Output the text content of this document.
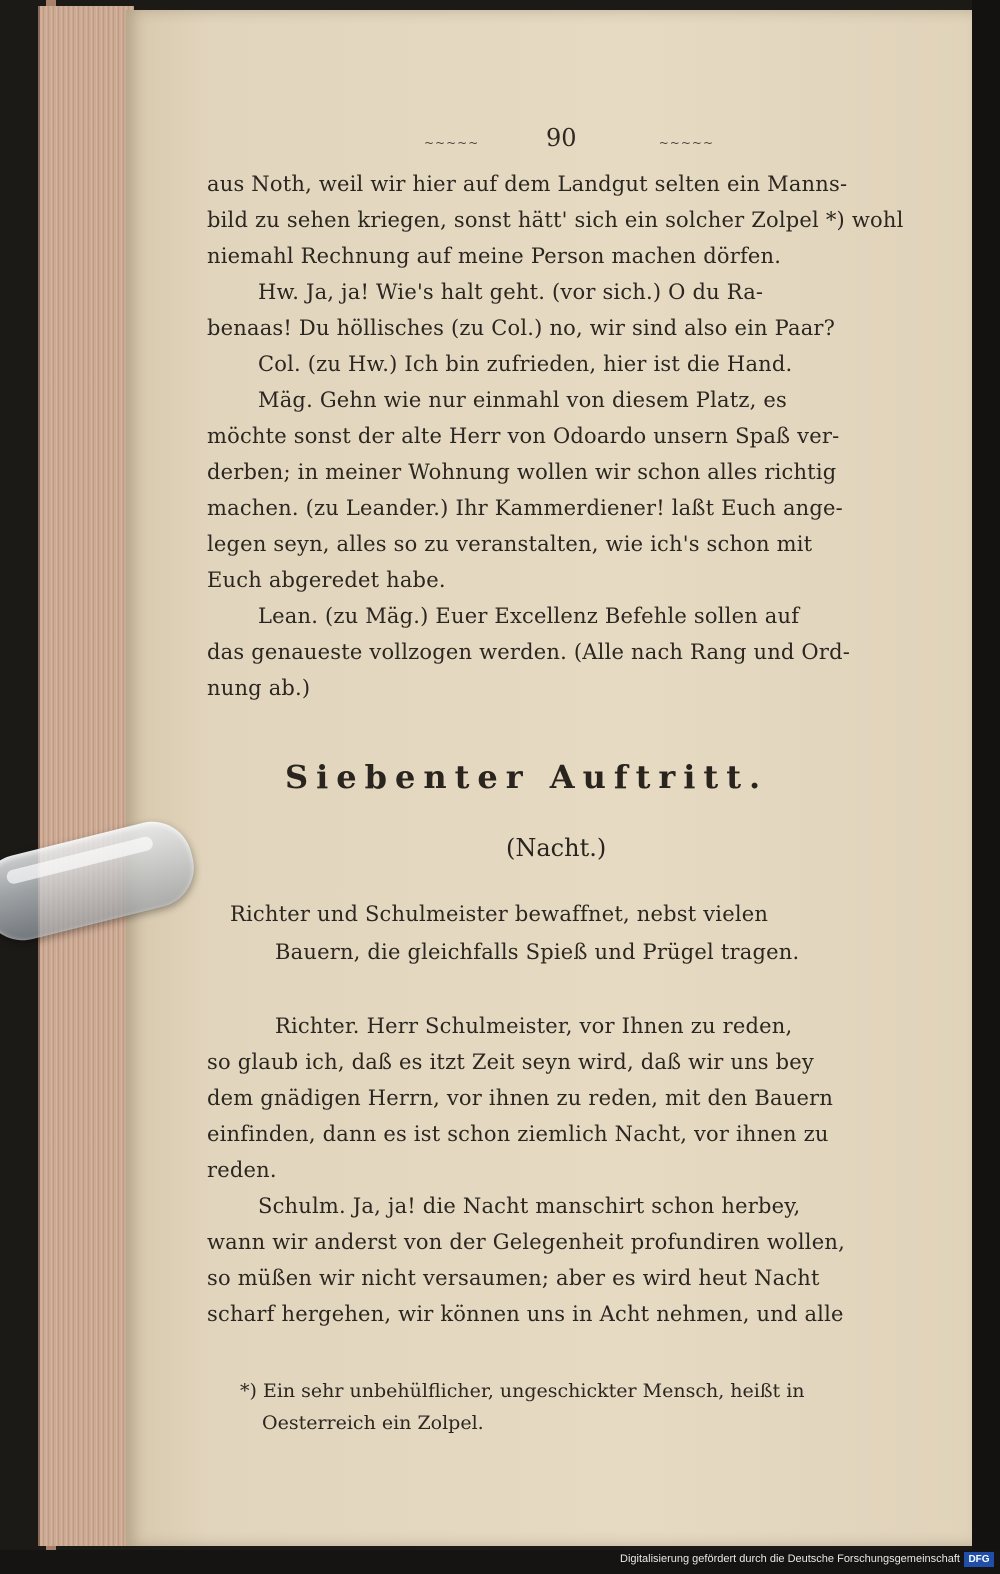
~~~~~	90	~~~~~
aus Noth, weil wir hier auf dem Landgut selten ein Manns-
bild zu sehen kriegen, sonst hätt' sich ein solcher Zolpel *) wohl
niemahl Rechnung auf meine Person machen dörfen.
Hw. Ja, ja! Wie's halt geht. (vor sich.) O du Ra-
benaas! Du höllisches (zu Col.) no, wir sind also ein Paar?
Col. (zu Hw.) Ich bin zufrieden, hier ist die Hand.
Mäg. Gehn wie nur einmahl von diesem Platz, es
möchte sonst der alte Herr von Odoardo unsern Spaß ver-
derben; in meiner Wohnung wollen wir schon alles richtig
machen. (zu Leander.) Ihr Kammerdiener! laßt Euch ange-
legen seyn, alles so zu veranstalten, wie ich's schon mit
Euch abgeredet habe.
Lean. (zu Mäg.) Euer Excellenz Befehle sollen auf
das genaueste vollzogen werden. (Alle nach Rang und Ord-
nung ab.)
Siebenter Auftritt.
(Nacht.)
Richter und Schulmeister bewaffnet, nebst vielen
Bauern, die gleichfalls Spieß und Prügel tragen.
Richter. Herr Schulmeister, vor Ihnen zu reden,
so glaub ich, daß es itzt Zeit seyn wird, daß wir uns bey
dem gnädigen Herrn, vor ihnen zu reden, mit den Bauern
einfinden, dann es ist schon ziemlich Nacht, vor ihnen zu
reden.
Schulm. Ja, ja! die Nacht manschirt schon herbey,
wann wir anderst von der Gelegenheit profundiren wollen,
so müßen wir nicht versaumen; aber es wird heut Nacht
scharf hergehen, wir können uns in Acht nehmen, und alle
*) Ein sehr unbehülflicher, ungeschickter Mensch, heißt in
Oesterreich ein Zolpel.
Digitalisierung gefördert durch die Deutsche Forschungsgemeinschaft DFG
